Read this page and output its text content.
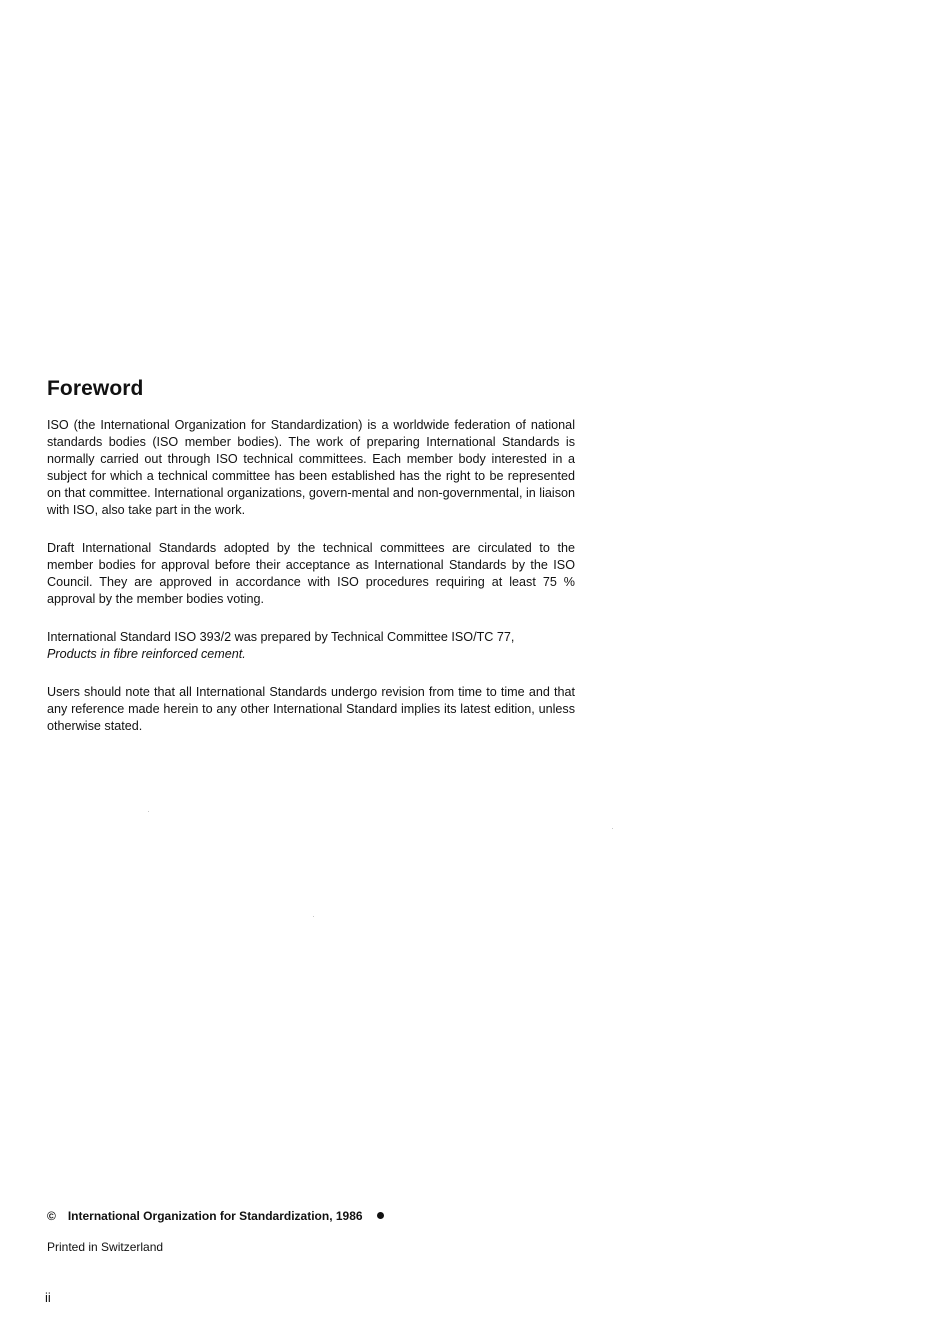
Foreword

ISO (the International Organization for Standardization) is a worldwide federation of national standards bodies (ISO member bodies). The work of preparing International Standards is normally carried out through ISO technical committees. Each member body interested in a subject for which a technical committee has been established has the right to be represented on that committee. International organizations, govern-mental and non-governmental, in liaison with ISO, also take part in the work.

Draft International Standards adopted by the technical committees are circulated to the member bodies for approval before their acceptance as International Standards by the ISO Council. They are approved in accordance with ISO procedures requiring at least 75 % approval by the member bodies voting.

International Standard ISO 393/2 was prepared by Technical Committee ISO/TC 77,
Products in fibre reinforced cement.

Users should note that all International Standards undergo revision from time to time and that any reference made herein to any other International Standard implies its latest edition, unless otherwise stated.

© International Organization for Standardization, 1986
Printed in Switzerland
ii
